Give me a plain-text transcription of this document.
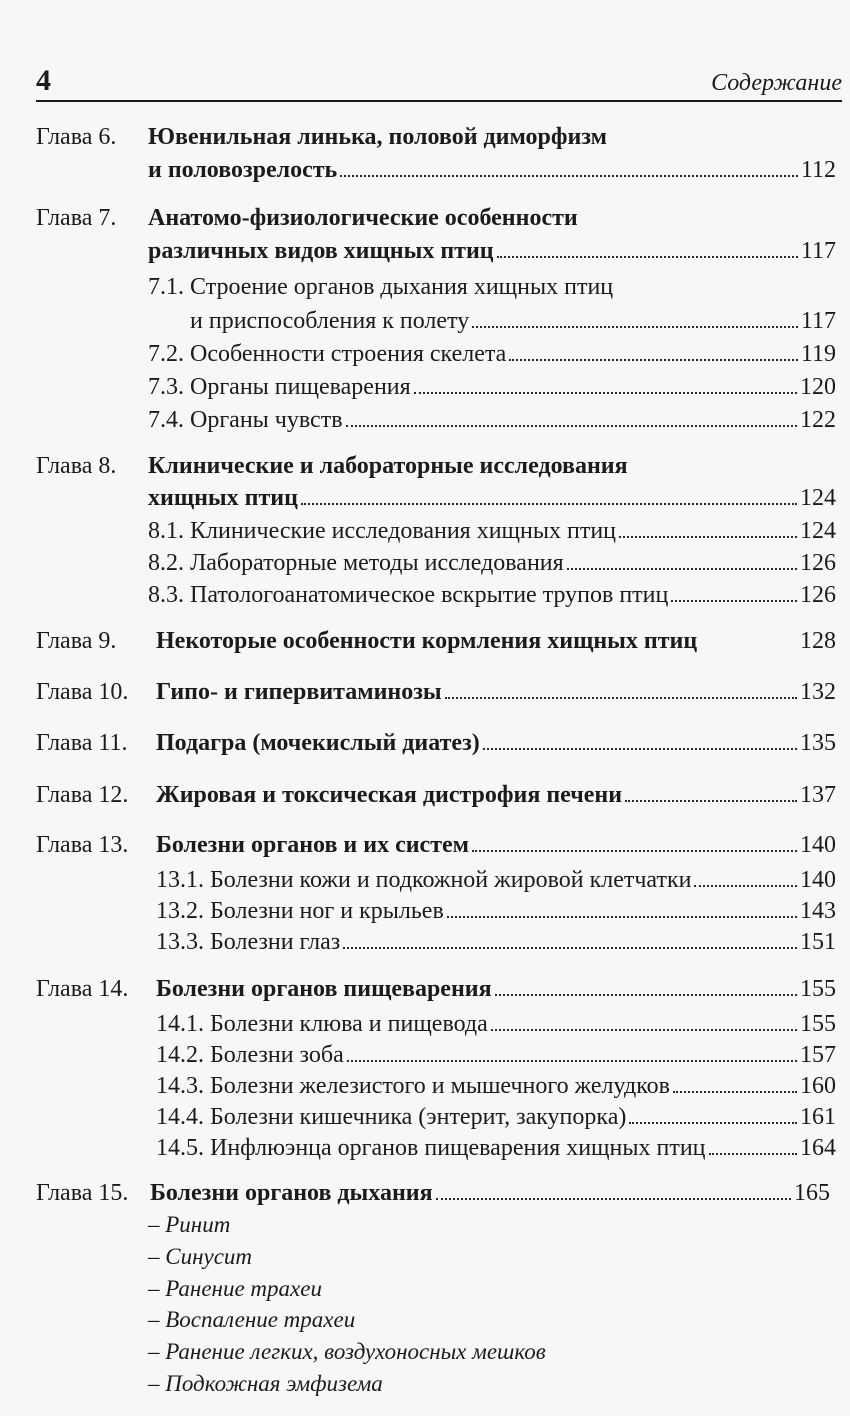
4	Содержание
Глава 6. Ювенильная линька, половой диморфизм
и половозрелость	112
Глава 7. Анатомо-физиологические особенности
различных видов хищных птиц	117
7.1. Строение органов дыхания хищных птиц
и приспособления к полету	117
7.2. Особенности строения скелета	119
7.3. Органы пищеварения	120
7.4. Органы чувств	122
Глава 8. Клинические и лабораторные исследования
хищных птиц	124
8.1. Клинические исследования хищных птиц	124
8.2. Лабораторные методы исследования	126
8.3. Патологоанатомическое вскрытие трупов птиц	126
Глава 9. Некоторые особенности кормления хищных птиц	128
Глава 10. Гипо- и гипервитаминозы	132
Глава 11. Подагра (мочекислый диатез)	135
Глава 12. Жировая и токсическая дистрофия печени	137
Глава 13. Болезни органов и их систем	140
13.1. Болезни кожи и подкожной жировой клетчатки	140
13.2. Болезни ног и крыльев	143
13.3. Болезни глаз	151
Глава 14. Болезни органов пищеварения	155
14.1. Болезни клюва и пищевода	155
14.2. Болезни зоба	157
14.3. Болезни железистого и мышечного желудков	160
14.4. Болезни кишечника (энтерит, закупорка)	161
14.5. Инфлюэнца органов пищеварения хищных птиц	164
Глава 15. Болезни органов дыхания	165
– Ринит
– Синусит
– Ранение трахеи
– Воспаление трахеи
– Ранение легких, воздухоносных мешков
– Подкожная эмфизема
